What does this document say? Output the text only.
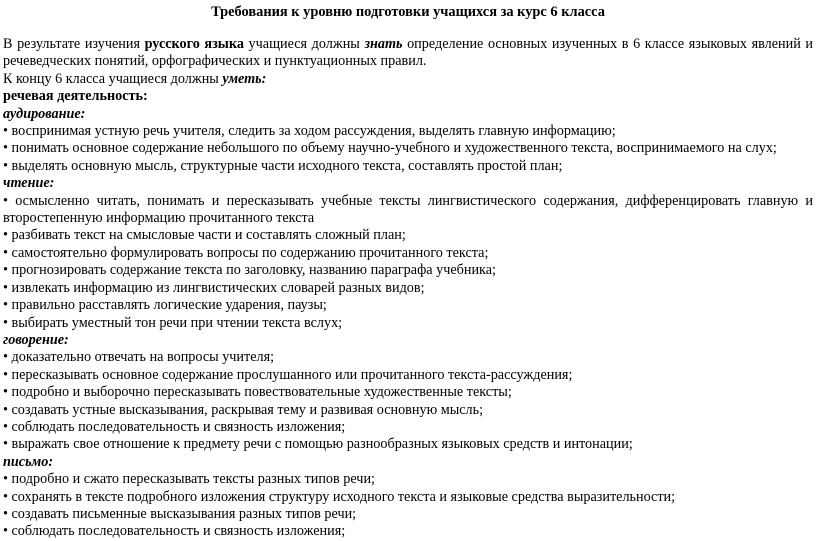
Требования к уровню подготовки учащихся за курс 6 класса
В результате изучения русского языка учащиеся должны знать определение основных изученных в 6 классе языковых явлений и речеведческих понятий, орфографических и пунктуационных правил.
К концу 6 класса учащиеся должны уметь:
речевая деятельность:
аудирование:
• воспринимая устную речь учителя, следить за ходом рассуждения, выделять главную информацию;
• понимать основное содержание небольшого по объему научно-учебного и художественного текста, воспринимаемого на слух;
• выделять основную мысль, структурные части исходного текста, составлять простой план;
чтение:
• осмысленно читать, понимать и пересказывать учебные тексты лингвистического содержания, дифференцировать главную и второстепенную информацию прочитанного текста
• разбивать текст на смысловые части и составлять сложный план;
• самостоятельно формулировать вопросы по содержанию прочитанного текста;
• прогнозировать содержание текста по заголовку, названию параграфа учебника;
• извлекать информацию из лингвистических словарей разных видов;
• правильно расставлять логические ударения, паузы;
• выбирать уместный тон речи при чтении текста вслух;
говорение:
• доказательно отвечать на вопросы учителя;
• пересказывать основное содержание прослушанного или прочитанного текста-рассуждения;
• подробно и выборочно пересказывать повествовательные художественные тексты;
• создавать устные высказывания, раскрывая тему и развивая основную мысль;
• соблюдать последовательность и связность изложения;
• выражать свое отношение к предмету речи с помощью разнообразных языковых средств и интонации;
письмо:
• подробно и сжато пересказывать тексты разных типов речи;
• сохранять в тексте подробного изложения структуру исходного текста и языковые средства выразительности;
• создавать письменные высказывания разных типов речи;
• соблюдать последовательность и связность изложения;
